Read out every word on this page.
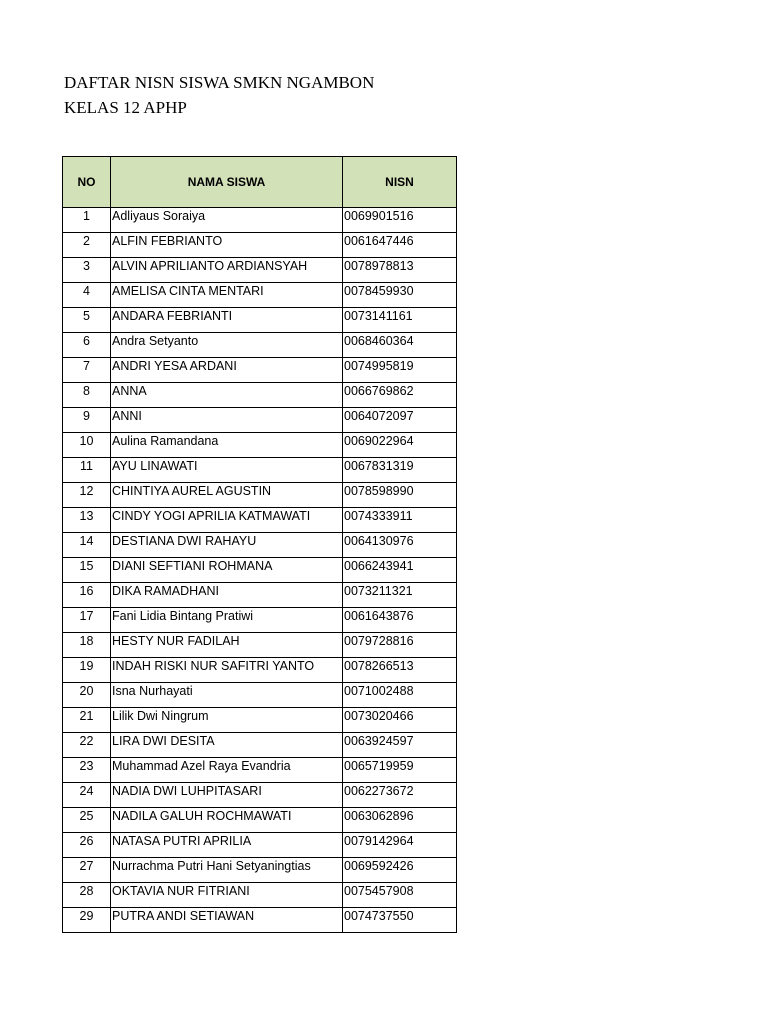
DAFTAR NISN SISWA SMKN NGAMBON
KELAS 12 APHP
NO	NAMA SISWA	NISN
1	Adliyaus Soraiya	0069901516
2	ALFIN FEBRIANTO	0061647446
3	ALVIN APRILIANTO ARDIANSYAH	0078978813
4	AMELISA CINTA MENTARI	0078459930
5	ANDARA FEBRIANTI	0073141161
6	Andra Setyanto	0068460364
7	ANDRI YESA ARDANI	0074995819
8	ANNA	0066769862
9	ANNI	0064072097
10	Aulina Ramandana	0069022964
11	AYU LINAWATI	0067831319
12	CHINTIYA AUREL AGUSTIN	0078598990
13	CINDY YOGI APRILIA KATMAWATI	0074333911
14	DESTIANA DWI RAHAYU	0064130976
15	DIANI SEFTIANI ROHMANA	0066243941
16	DIKA RAMADHANI	0073211321
17	Fani Lidia Bintang Pratiwi	0061643876
18	HESTY NUR FADILAH	0079728816
19	INDAH RISKI NUR SAFITRI YANTO	0078266513
20	Isna Nurhayati	0071002488
21	Lilik Dwi Ningrum	0073020466
22	LIRA DWI DESITA	0063924597
23	Muhammad Azel Raya Evandria	0065719959
24	NADIA DWI LUHPITASARI	0062273672
25	NADILA GALUH ROCHMAWATI	0063062896
26	NATASA PUTRI APRILIA	0079142964
27	Nurrachma Putri Hani Setyaningtias	0069592426
28	OKTAVIA NUR FITRIANI	0075457908
29	PUTRA ANDI SETIAWAN	0074737550
